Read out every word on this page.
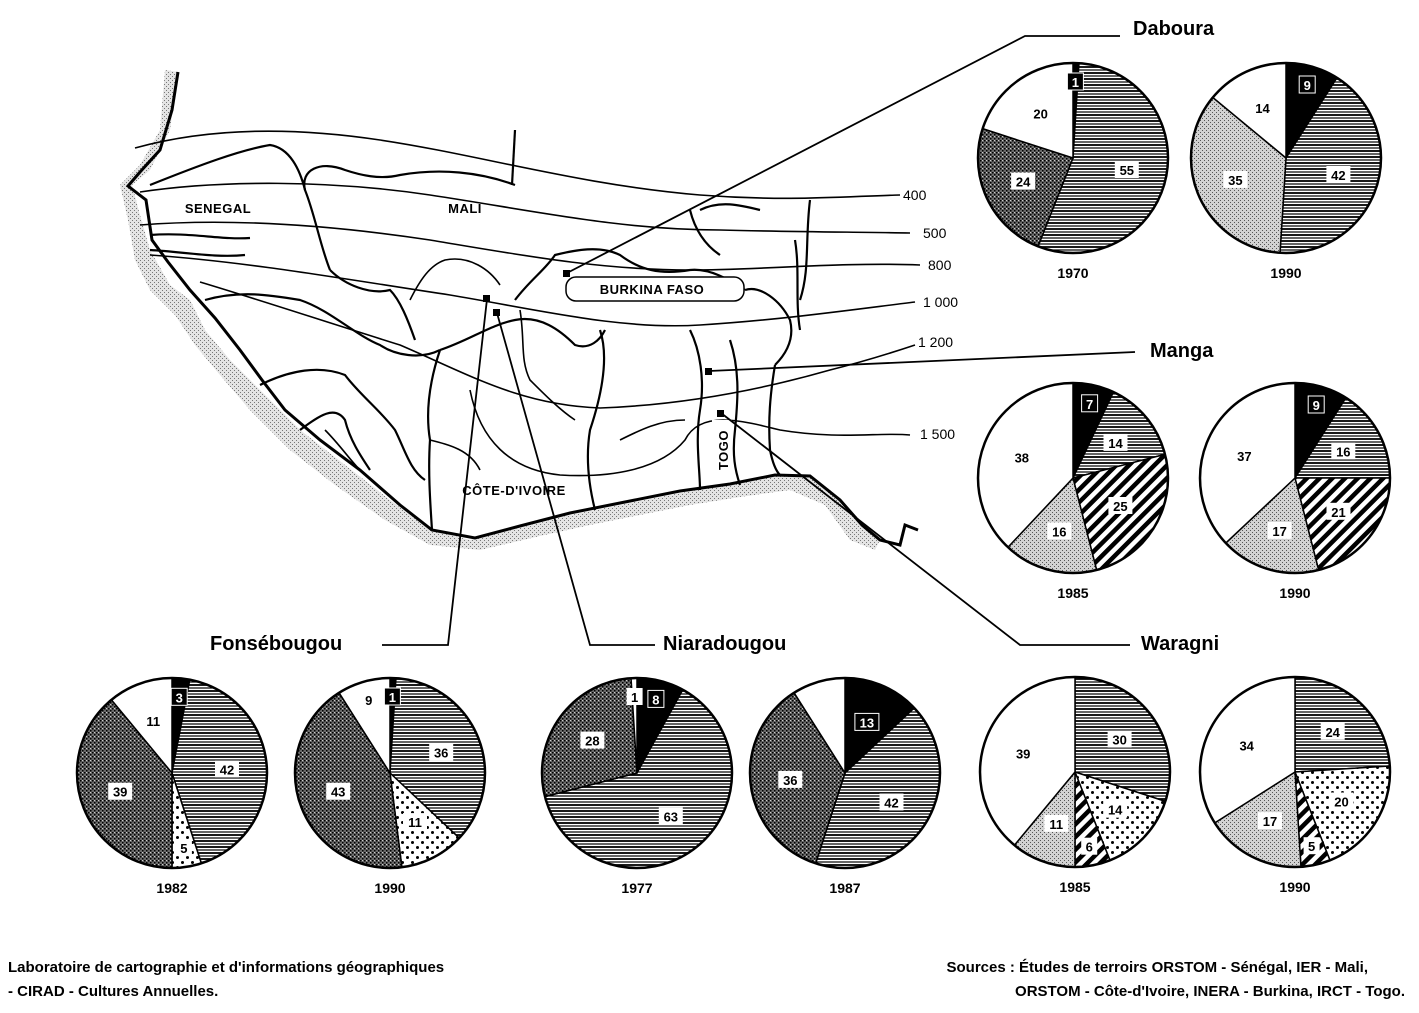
SENEGAL	MALI
BURKINA FASO
CÔTE-D'IVOIRE
TOGO
400
500
800
1 000
1 200
1 500
Daboura
Manga
Waragni
Fonsébougou	Niaradougou
1
55
24
20
1970
9
42
35
14
1990
7
14
25
16
38
1985
9
16
21
17
37
1990
30
14
6
11
39
1985
24
20
5
17
34
1990
3
42
5
39
11
1982
1
36
11
43
9
1990
8
63
28
1
1977
13
42
36
1987
Laboratoire de cartographie et d'informations géographiques
- CIRAD - Cultures Annuelles.
Sources : Études de terroirs ORSTOM - Sénégal, IER - Mali,
ORSTOM - Côte-d'Ivoire, INERA - Burkina, IRCT - Togo.
